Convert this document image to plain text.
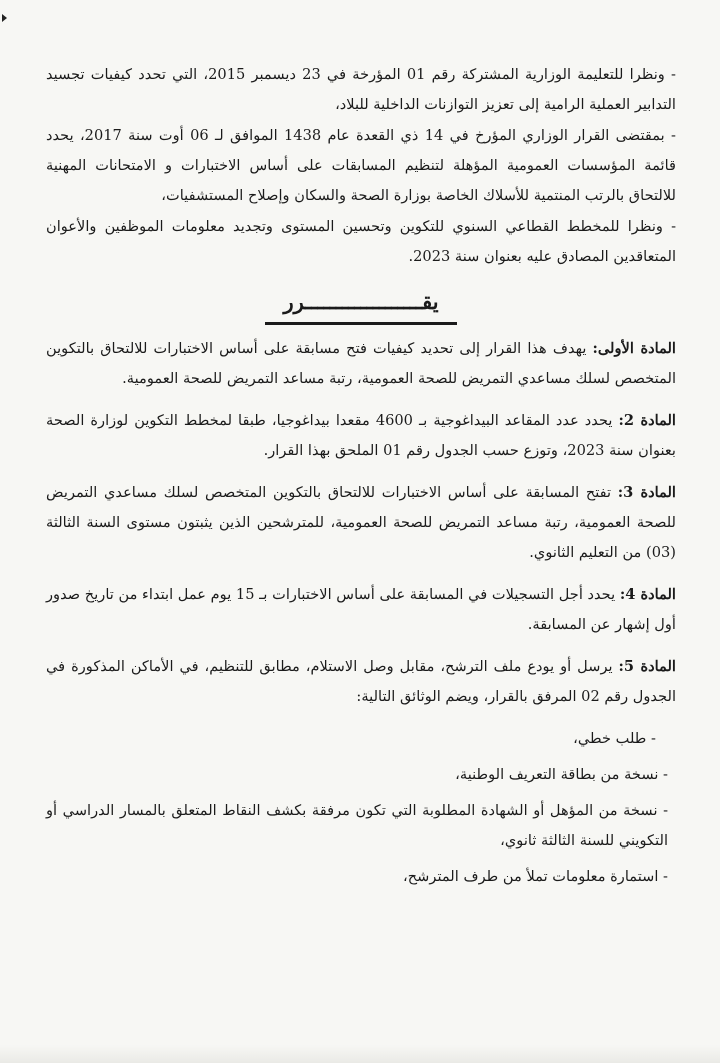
- ونظرا للتعليمة الوزارية المشتركة رقم 01 المؤرخة في 23 ديسمبر 2015، التي تحدد كيفيات تجسيد التدابير العملية الرامية إلى تعزيز التوازنات الداخلية للبلاد،

- بمقتضى القرار الوزاري المؤرخ في 14 ذي القعدة عام 1438 الموافق لـ 06 أوت سنة 2017، يحدد قائمة المؤسسات العمومية المؤهلة لتنظيم المسابقات على أساس الاختبارات و الامتحانات المهنية للالتحاق بالرتب المنتمية للأسلاك الخاصة بوزارة الصحة والسكان وإصلاح المستشفيات،

- ونظرا للمخطط القطاعي السنوي للتكوين وتحسين المستوى وتجديد معلومات الموظفين والأعوان المتعاقدين المصادق عليه بعنوان سنة 2023.

يقـــــــــــــــــــرر

المادة الأولى: يهدف هذا القرار إلى تحديد كيفيات فتح مسابقة على أساس الاختبارات للالتحاق بالتكوين المتخصص لسلك مساعدي التمريض للصحة العمومية، رتبة مساعد التمريض للصحة العمومية.

المادة 2: يحدد عدد المقاعد البيداغوجية بـ 4600 مقعدا بيداغوجيا، طبقا لمخطط التكوين لوزارة الصحة بعنوان سنة 2023، وتوزع حسب الجدول رقم 01 الملحق بهذا القرار.

المادة 3: تفتح المسابقة على أساس الاختبارات للالتحاق بالتكوين المتخصص لسلك مساعدي التمريض للصحة العمومية، رتبة مساعد التمريض للصحة العمومية، للمترشحين الذين يثبتون مستوى السنة الثالثة (03) من التعليم الثانوي.

المادة 4: يحدد أجل التسجيلات في المسابقة على أساس الاختبارات بـ 15 يوم عمل ابتداء من تاريخ صدور أول إشهار عن المسابقة.

المادة 5: يرسل أو يودع ملف الترشح، مقابل وصل الاستلام، مطابق للتنظيم، في الأماكن المذكورة في الجدول رقم 02 المرفق بالقرار، ويضم الوثائق التالية:

- طلب خطي،
- نسخة من بطاقة التعريف الوطنية،
- نسخة من المؤهل أو الشهادة المطلوبة التي تكون مرفقة بكشف النقاط المتعلق بالمسار الدراسي أو التكويني للسنة الثالثة ثانوي،
- استمارة معلومات تملأ من طرف المترشح،
